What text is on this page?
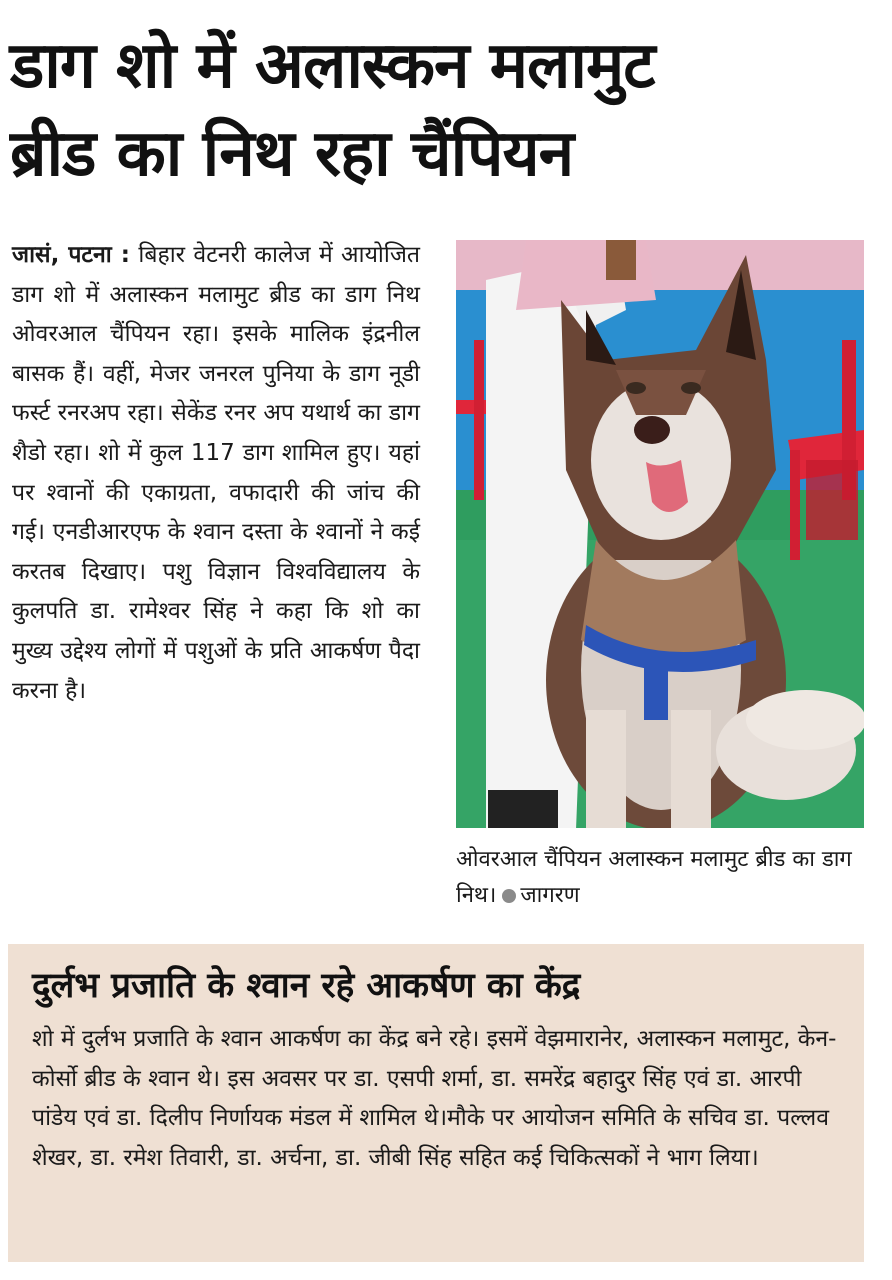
डाग शो में अलास्कन मलामुट
ब्रीड का निथ रहा चैंपियन

जासं, पटना : बिहार वेटनरी कालेज में आयोजित डाग शो में अलास्कन मलामुट ब्रीड का डाग निथ ओवरआल चैंपियन रहा। इसके मालिक इंद्रनील बासक हैं। वहीं, मेजर जनरल पुनिया के डाग नूडी फर्स्ट रनरअप रहा। सेकेंड रनर अप यथार्थ का डाग शैडो रहा। शो में कुल 117 डाग शामिल हुए। यहां पर श्वानों की एकाग्रता, वफादारी की जांच की गई। एनडीआरएफ के श्वान दस्ता के श्वानों ने कई करतब दिखाए। पशु विज्ञान विश्वविद्यालय के कुलपति डा. रामेश्वर सिंह ने कहा कि शो का मुख्य उद्देश्य लोगों में पशुओं के प्रति आकर्षण पैदा करना है।

ओवरआल चैंपियन अलास्कन मलामुट ब्रीड का डाग निथ। जागरण

दुर्लभ प्रजाति के श्वान रहे आकर्षण का केंद्र

शो में दुर्लभ प्रजाति के श्वान आकर्षण का केंद्र बने रहे। इसमें वेझमारानेर, अलास्कन मलामुट, केन-कोर्सो ब्रीड के श्वान थे। इस अवसर पर डा. एसपी शर्मा, डा. समरेंद्र बहादुर सिंह एवं डा. आरपी पांडेय एवं डा. दिलीप निर्णायक मंडल में शामिल थे।मौके पर आयोजन समिति के सचिव डा. पल्लव शेखर, डा. रमेश तिवारी, डा. अर्चना, डा. जीबी सिंह सहित कई चिकित्सकों ने भाग लिया।
